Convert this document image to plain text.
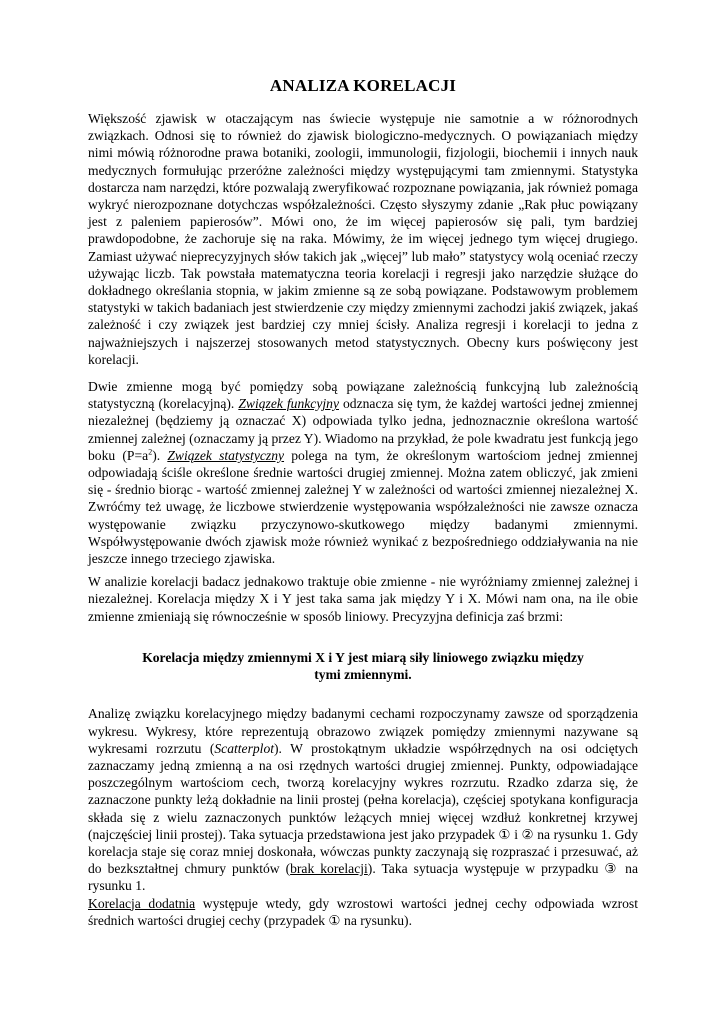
ANALIZA KORELACJI

Większość zjawisk w otaczającym nas świecie występuje nie samotnie a w różnorodnych związkach. Odnosi się to również do zjawisk biologiczno-medycznych. O powiązaniach między nimi mówią różnorodne prawa botaniki, zoologii, immunologii, fizjologii, biochemii i innych nauk medycznych formułując przeróżne zależności między występującymi tam zmiennymi. Statystyka dostarcza nam narzędzi, które pozwalają zweryfikować rozpoznane powiązania, jak również pomaga wykryć nierozpoznane dotychczas współzależności. Często słyszymy zdanie „Rak płuc powiązany jest z paleniem papierosów”. Mówi ono, że im więcej papierosów się pali, tym bardziej prawdopodobne, że zachoruje się na raka. Mówimy, że im więcej jednego tym więcej drugiego. Zamiast używać nieprecyzyjnych słów takich jak „więcej” lub mało” statystycy wolą oceniać rzeczy używając liczb. Tak powstała matematyczna teoria korelacji i regresji jako narzędzie służące do dokładnego określania stopnia, w jakim zmienne są ze sobą powiązane. Podstawowym problemem statystyki w takich badaniach jest stwierdzenie czy między zmiennymi zachodzi jakiś związek, jakaś zależność i czy związek jest bardziej czy mniej ścisły. Analiza regresji i korelacji to jedna z najważniejszych i najszerzej stosowanych metod statystycznych. Obecny kurs poświęcony jest korelacji.

Dwie zmienne mogą być pomiędzy sobą powiązane zależnością funkcyjną lub zależnością statystyczną (korelacyjną). Związek funkcyjny odznacza się tym, że każdej wartości jednej zmiennej niezależnej (będziemy ją oznaczać X) odpowiada tylko jedna, jednoznacznie określona wartość zmiennej zależnej (oznaczamy ją przez Y). Wiadomo na przykład, że pole kwadratu jest funkcją jego boku $(P=a^2)$. Związek statystyczny polega na tym, że określonym wartościom jednej zmiennej odpowiadają ściśle określone średnie wartości drugiej zmiennej. Można zatem obliczyć, jak zmieni się - średnio biorąc - wartość zmiennej zależnej Y w zależności od wartości zmiennej niezależnej X. Zwróćmy też uwagę, że liczbowe stwierdzenie występowania współzależności nie zawsze oznacza występowanie związku przyczynowo-skutkowego między badanymi zmiennymi. Współwystępowanie dwóch zjawisk może również wynikać z bezpośredniego oddziaływania na nie jeszcze innego trzeciego zjawiska.

W analizie korelacji badacz jednakowo traktuje obie zmienne - nie wyróżniamy zmiennej zależnej i niezależnej. Korelacja między X i Y jest taka sama jak między Y i X. Mówi nam ona, na ile obie zmienne zmieniają się równocześnie w sposób liniowy. Precyzyjna definicja zaś brzmi:

Korelacja między zmiennymi X i Y jest miarą siły liniowego związku między tymi zmiennymi.

Analizę związku korelacyjnego między badanymi cechami rozpoczynamy zawsze od sporządzenia wykresu. Wykresy, które reprezentują obrazowo związek pomiędzy zmiennymi nazywane są wykresami rozrzutu (Scatterplot). W prostokątnym układzie współrzędnych na osi odciętych zaznaczamy jedną zmienną a na osi rzędnych wartości drugiej zmiennej. Punkty, odpowiadające poszczególnym wartościom cech, tworzą korelacyjny wykres rozrzutu. Rzadko zdarza się, że zaznaczone punkty leżą dokładnie na linii prostej (pełna korelacja), częściej spotykana konfiguracja składa się z wielu zaznaczonych punktów leżących mniej więcej wzdłuż konkretnej krzywej (najczęściej linii prostej). Taka sytuacja przedstawiona jest jako przypadek ① i ② na rysunku 1. Gdy korelacja staje się coraz mniej doskonała, wówczas punkty zaczynają się rozpraszać i przesuwać, aż do bezkształtnej chmury punktów (brak korelacji). Taka sytuacja występuje w przypadku ③ na rysunku 1.

Korelacja dodatnia występuje wtedy, gdy wzrostowi wartości jednej cechy odpowiada wzrost średnich wartości drugiej cechy (przypadek ① na rysunku).
